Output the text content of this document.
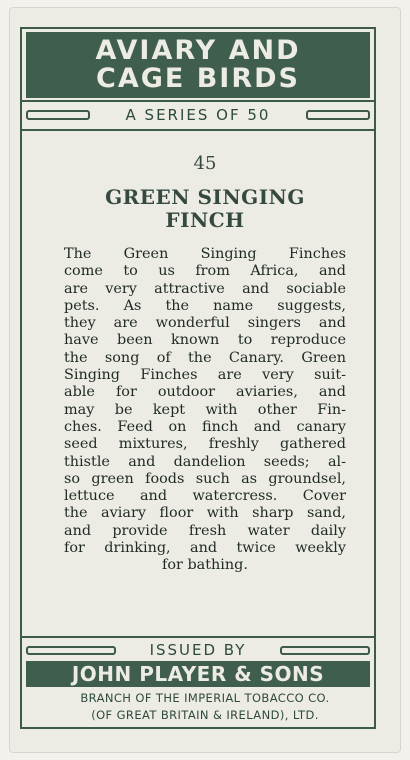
AVIARY AND
CAGE BIRDS
A SERIES OF 50
45
GREEN SINGING
FINCH
The Green Singing Finches
come to us from Africa, and
are very attractive and sociable
pets. As the name suggests,
they are wonderful singers and
have been known to reproduce
the song of the Canary. Green
Singing Finches are very suit-
able for outdoor aviaries, and
may be kept with other Fin-
ches. Feed on finch and canary
seed mixtures, freshly gathered
thistle and dandelion seeds; al-
so green foods such as groundsel,
lettuce and watercress. Cover
the aviary floor with sharp sand,
and provide fresh water daily
for drinking, and twice weekly
for bathing.
ISSUED BY
JOHN PLAYER & SONS
BRANCH OF THE IMPERIAL TOBACCO CO.
(OF GREAT BRITAIN & IRELAND), LTD.
